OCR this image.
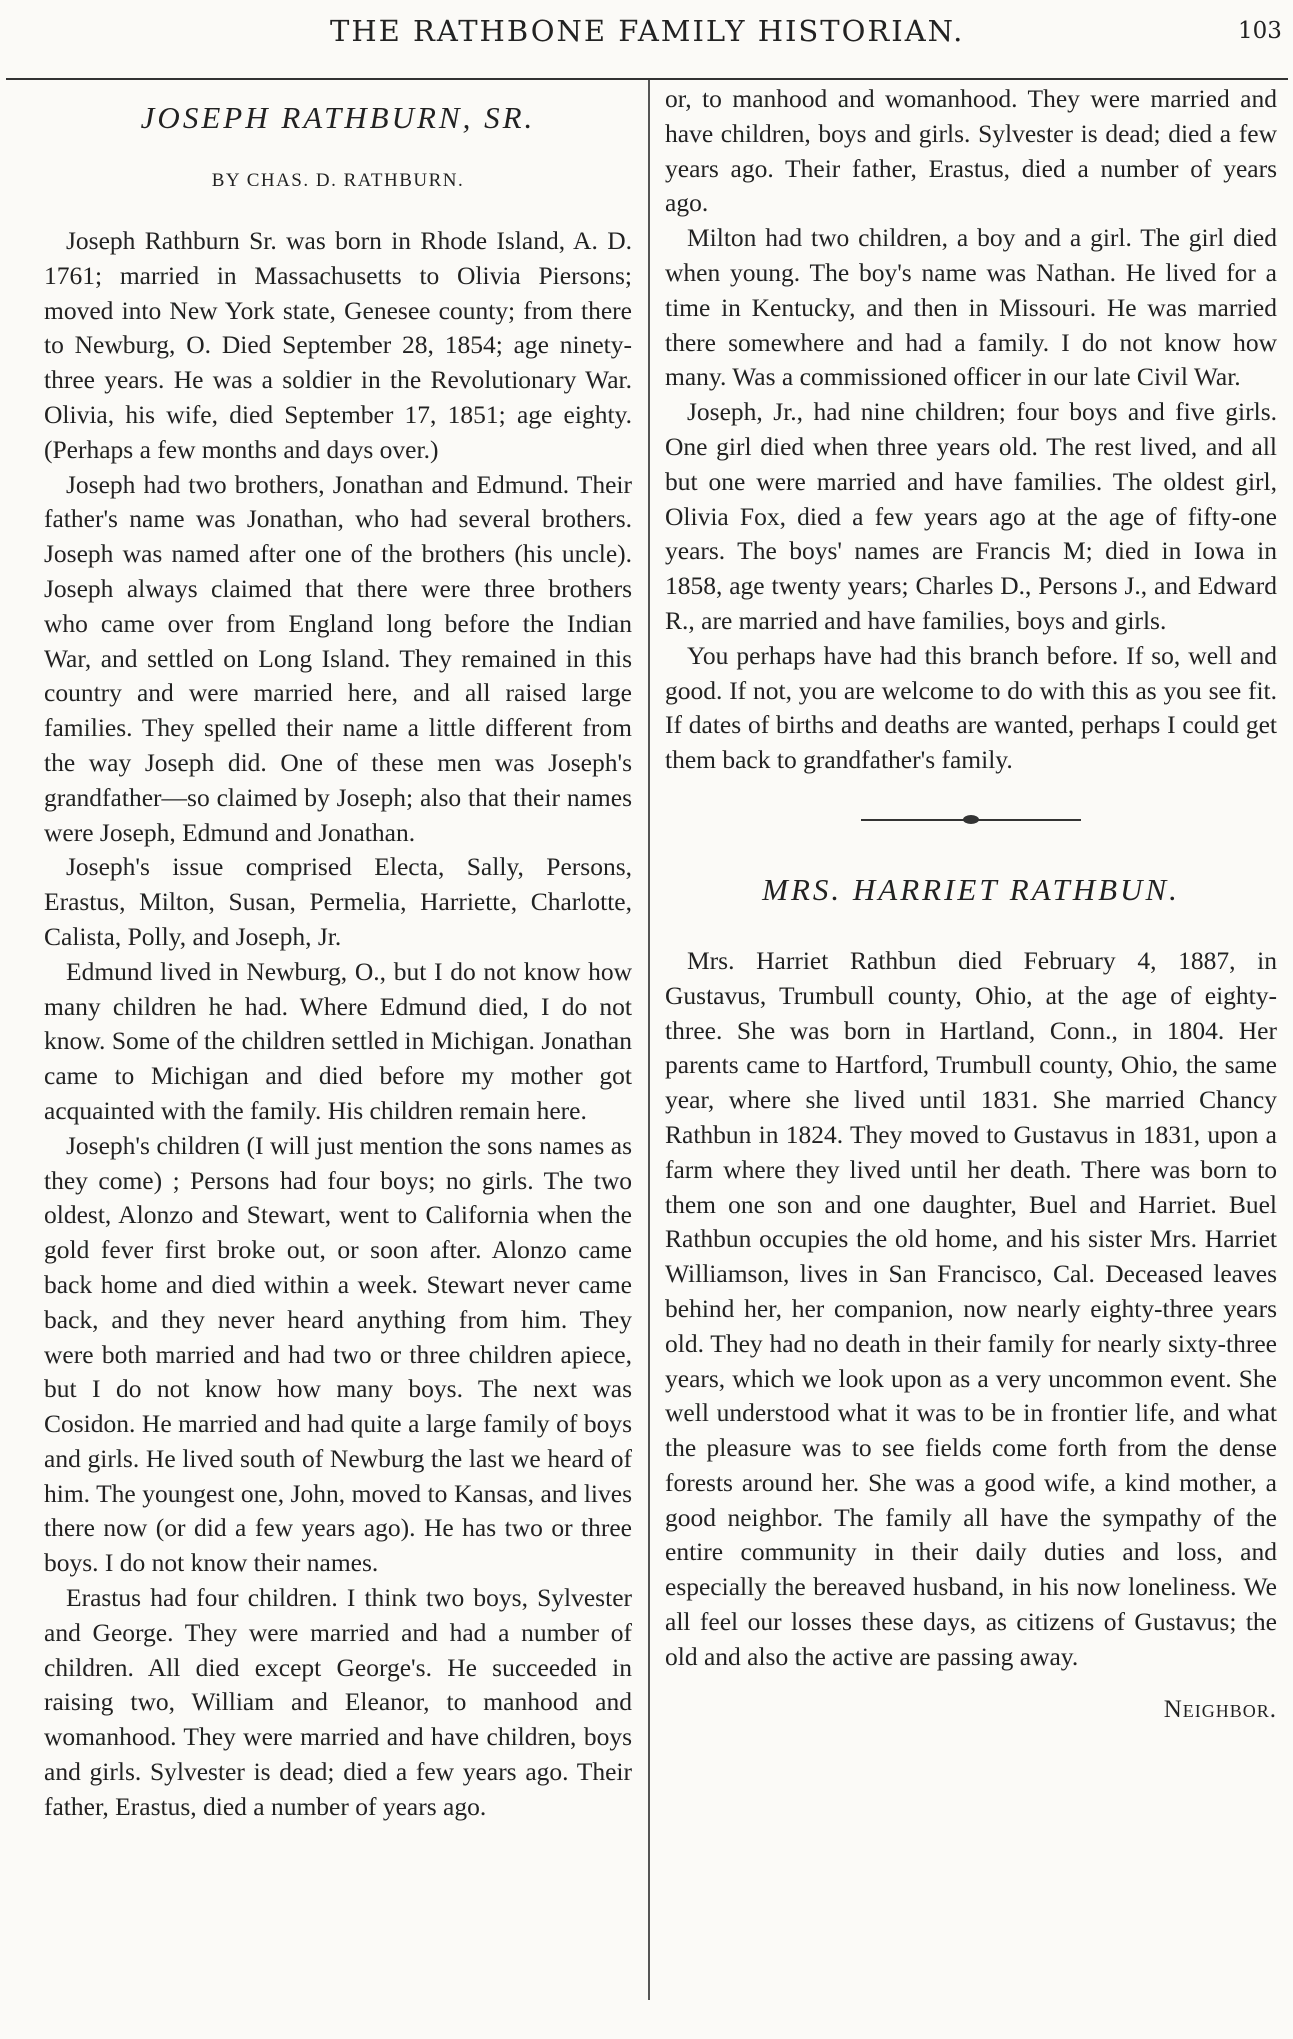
THE RATHBONE FAMILY HISTORIAN.	103
JOSEPH RATHBURN, SR.
BY CHAS. D. RATHBURN.

Joseph Rathburn Sr. was born in Rhode Island, A. D. 1761; married in Massachusetts to Olivia Piersons; moved into New York state, Genesee county; from there to Newburg, O. Died September 28, 1854; age ninety-three years. He was a soldier in the Revolutionary War. Olivia, his wife, died September 17, 1851; age eighty. (Perhaps a few months and days over.)

Joseph had two brothers, Jonathan and Edmund. Their father's name was Jonathan, who had several brothers. Joseph was named after one of the brothers (his uncle). Joseph always claimed that there were three brothers who came over from England long before the Indian War, and settled on Long Island. They remained in this country and were married here, and all raised large families. They spelled their name a little different from the way Joseph did. One of these men was Joseph's grandfather—so claimed by Joseph; also that their names were Joseph, Edmund and Jonathan.

Joseph's issue comprised Electa, Sally, Persons, Erastus, Milton, Susan, Permelia, Harriette, Charlotte, Calista, Polly, and Joseph, Jr.

Edmund lived in Newburg, O., but I do not know how many children he had. Where Edmund died, I do not know. Some of the children settled in Michigan. Jonathan came to Michigan and died before my mother got acquainted with the family. His children remain here.

Joseph's children (I will just mention the sons names as they come) ; Persons had four boys; no girls. The two oldest, Alonzo and Stewart, went to California when the gold fever first broke out, or soon after. Alonzo came back home and died within a week. Stewart never came back, and they never heard anything from him. They were both married and had two or three children apiece, but I do not know how many boys. The next was Cosidon. He married and had quite a large family of boys and girls. He lived south of Newburg the last we heard of him. The youngest one, John, moved to Kansas, and lives there now (or did a few years ago). He has two or three boys. I do not know their names.

Erastus had four children. I think two boys, Sylvester and George. They were married and had a number of children. All died except George's. He succeeded in raising two, William and Eleanor, to manhood and womanhood. They were married and have children, boys and girls. Sylvester is dead; died a few years ago. Their father, Erastus, died a number of years ago.

or, to manhood and womanhood. They were married and have children, boys and girls. Sylvester is dead; died a few years ago. Their father, Erastus, died a number of years ago.

Milton had two children, a boy and a girl. The girl died when young. The boy's name was Nathan. He lived for a time in Kentucky, and then in Missouri. He was married there somewhere and had a family. I do not know how many. Was a commissioned officer in our late Civil War.

Joseph, Jr., had nine children; four boys and five girls. One girl died when three years old. The rest lived, and all but one were married and have families. The oldest girl, Olivia Fox, died a few years ago at the age of fifty-one years. The boys' names are Francis M; died in Iowa in 1858, age twenty years; Charles D., Persons J., and Edward R., are married and have families, boys and girls.

You perhaps have had this branch before. If so, well and good. If not, you are welcome to do with this as you see fit. If dates of births and deaths are wanted, perhaps I could get them back to grandfather's family.

MRS. HARRIET RATHBUN.

Mrs. Harriet Rathbun died February 4, 1887, in Gustavus, Trumbull county, Ohio, at the age of eighty-three. She was born in Hartland, Conn., in 1804. Her parents came to Hartford, Trumbull county, Ohio, the same year, where she lived until 1831. She married Chancy Rathbun in 1824. They moved to Gustavus in 1831, upon a farm where they lived until her death. There was born to them one son and one daughter, Buel and Harriet. Buel Rathbun occupies the old home, and his sister Mrs. Harriet Williamson, lives in San Francisco, Cal. Deceased leaves behind her, her companion, now nearly eighty-three years old. They had no death in their family for nearly sixty-three years, which we look upon as a very uncommon event. She well understood what it was to be in frontier life, and what the pleasure was to see fields come forth from the dense forests around her. She was a good wife, a kind mother, a good neighbor. The family all have the sympathy of the entire community in their daily duties and loss, and especially the bereaved husband, in his now loneliness. We all feel our losses these days, as citizens of Gustavus; the old and also the active are passing away.

Neighbor.
